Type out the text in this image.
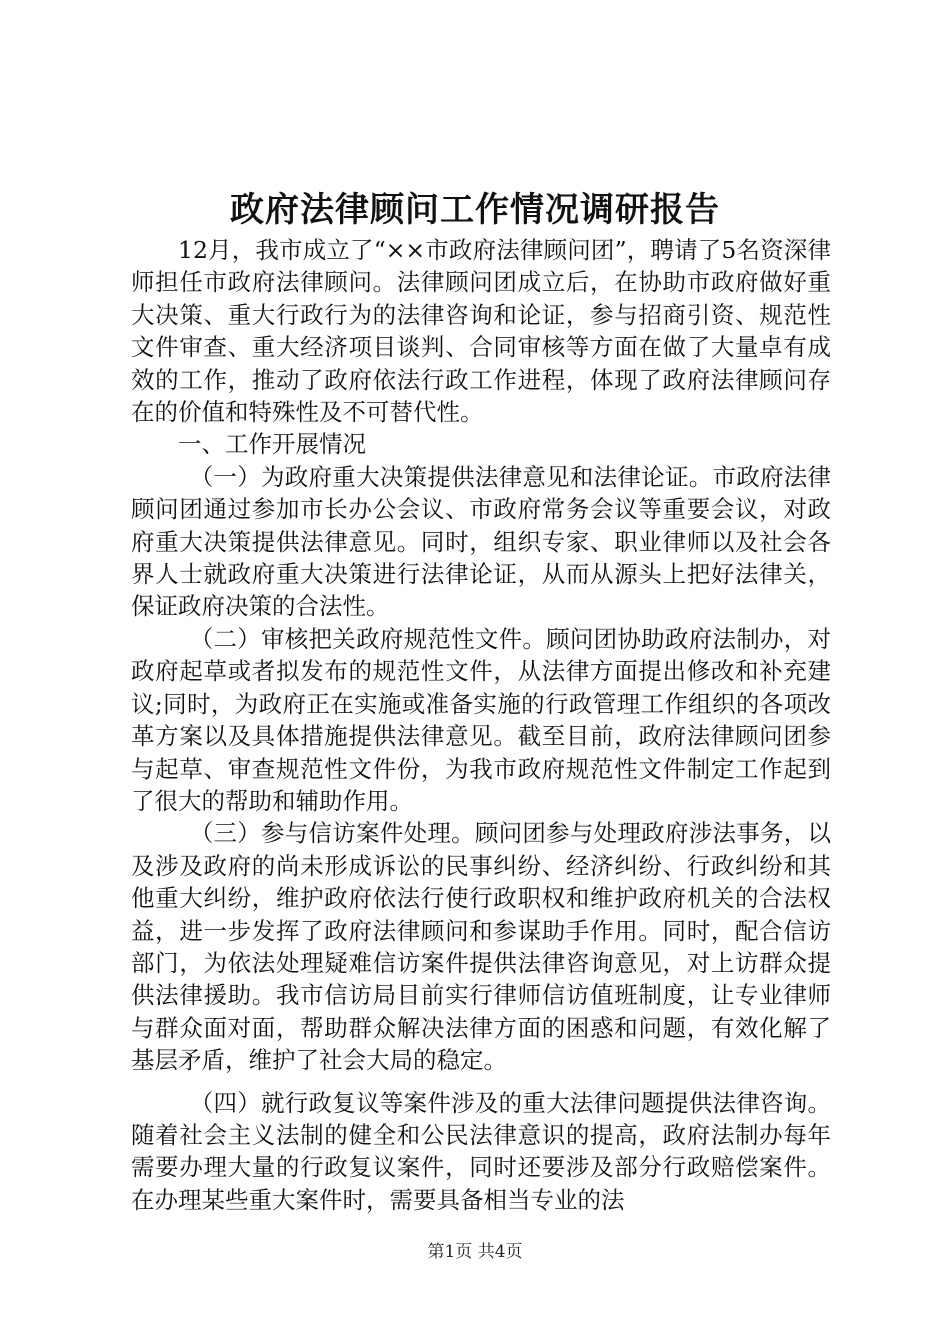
政府法律顾问工作情况调研报告

12月，我市成立了“××市政府法律顾问团”，聘请了5名资深律师担任市政府法律顾问。法律顾问团成立后，在协助市政府做好重大决策、重大行政行为的法律咨询和论证，参与招商引资、规范性文件审查、重大经济项目谈判、合同审核等方面在做了大量卓有成效的工作，推动了政府依法行政工作进程，体现了政府法律顾问存在的价值和特殊性及不可替代性。

一、工作开展情况

（一）为政府重大决策提供法律意见和法律论证。市政府法律顾问团通过参加市长办公会议、市政府常务会议等重要会议，对政府重大决策提供法律意见。同时，组织专家、职业律师以及社会各界人士就政府重大决策进行法律论证，从而从源头上把好法律关，保证政府决策的合法性。

（二）审核把关政府规范性文件。顾问团协助政府法制办，对政府起草或者拟发布的规范性文件，从法律方面提出修改和补充建议;同时，为政府正在实施或准备实施的行政管理工作组织的各项改革方案以及具体措施提供法律意见。截至目前，政府法律顾问团参与起草、审查规范性文件份，为我市政府规范性文件制定工作起到了很大的帮助和辅助作用。

（三）参与信访案件处理。顾问团参与处理政府涉法事务，以及涉及政府的尚未形成诉讼的民事纠纷、经济纠纷、行政纠纷和其他重大纠纷，维护政府依法行使行政职权和维护政府机关的合法权益，进一步发挥了政府法律顾问和参谋助手作用。同时，配合信访部门，为依法处理疑难信访案件提供法律咨询意见，对上访群众提供法律援助。我市信访局目前实行律师信访值班制度，让专业律师与群众面对面，帮助群众解决法律方面的困惑和问题，有效化解了基层矛盾，维护了社会大局的稳定。

（四）就行政复议等案件涉及的重大法律问题提供法律咨询。随着社会主义法制的健全和公民法律意识的提高，政府法制办每年需要办理大量的行政复议案件，同时还要涉及部分行政赔偿案件。在办理某些重大案件时，需要具备相当专业的法

第1页 共4页
